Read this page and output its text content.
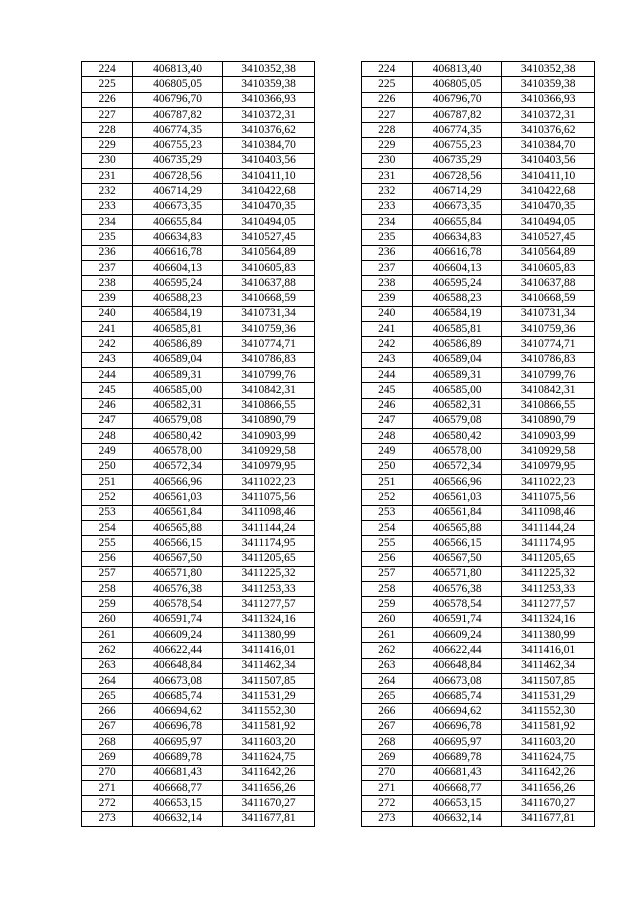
224	406813,40	3410352,38		224	406813,40	3410352,38
225	406805,05	3410359,38		225	406805,05	3410359,38
226	406796,70	3410366,93		226	406796,70	3410366,93
227	406787,82	3410372,31		227	406787,82	3410372,31
228	406774,35	3410376,62		228	406774,35	3410376,62
229	406755,23	3410384,70		229	406755,23	3410384,70
230	406735,29	3410403,56		230	406735,29	3410403,56
231	406728,56	3410411,10		231	406728,56	3410411,10
232	406714,29	3410422,68		232	406714,29	3410422,68
233	406673,35	3410470,35		233	406673,35	3410470,35
234	406655,84	3410494,05		234	406655,84	3410494,05
235	406634,83	3410527,45		235	406634,83	3410527,45
236	406616,78	3410564,89		236	406616,78	3410564,89
237	406604,13	3410605,83		237	406604,13	3410605,83
238	406595,24	3410637,88		238	406595,24	3410637,88
239	406588,23	3410668,59		239	406588,23	3410668,59
240	406584,19	3410731,34		240	406584,19	3410731,34
241	406585,81	3410759,36		241	406585,81	3410759,36
242	406586,89	3410774,71		242	406586,89	3410774,71
243	406589,04	3410786,83		243	406589,04	3410786,83
244	406589,31	3410799,76		244	406589,31	3410799,76
245	406585,00	3410842,31		245	406585,00	3410842,31
246	406582,31	3410866,55		246	406582,31	3410866,55
247	406579,08	3410890,79		247	406579,08	3410890,79
248	406580,42	3410903,99		248	406580,42	3410903,99
249	406578,00	3410929,58		249	406578,00	3410929,58
250	406572,34	3410979,95		250	406572,34	3410979,95
251	406566,96	3411022,23		251	406566,96	3411022,23
252	406561,03	3411075,56		252	406561,03	3411075,56
253	406561,84	3411098,46		253	406561,84	3411098,46
254	406565,88	3411144,24		254	406565,88	3411144,24
255	406566,15	3411174,95		255	406566,15	3411174,95
256	406567,50	3411205,65		256	406567,50	3411205,65
257	406571,80	3411225,32		257	406571,80	3411225,32
258	406576,38	3411253,33		258	406576,38	3411253,33
259	406578,54	3411277,57		259	406578,54	3411277,57
260	406591,74	3411324,16		260	406591,74	3411324,16
261	406609,24	3411380,99		261	406609,24	3411380,99
262	406622,44	3411416,01		262	406622,44	3411416,01
263	406648,84	3411462,34		263	406648,84	3411462,34
264	406673,08	3411507,85		264	406673,08	3411507,85
265	406685,74	3411531,29		265	406685,74	3411531,29
266	406694,62	3411552,30		266	406694,62	3411552,30
267	406696,78	3411581,92		267	406696,78	3411581,92
268	406695,97	3411603,20		268	406695,97	3411603,20
269	406689,78	3411624,75		269	406689,78	3411624,75
270	406681,43	3411642,26		270	406681,43	3411642,26
271	406668,77	3411656,26		271	406668,77	3411656,26
272	406653,15	3411670,27		272	406653,15	3411670,27
273	406632,14	3411677,81		273	406632,14	3411677,81
